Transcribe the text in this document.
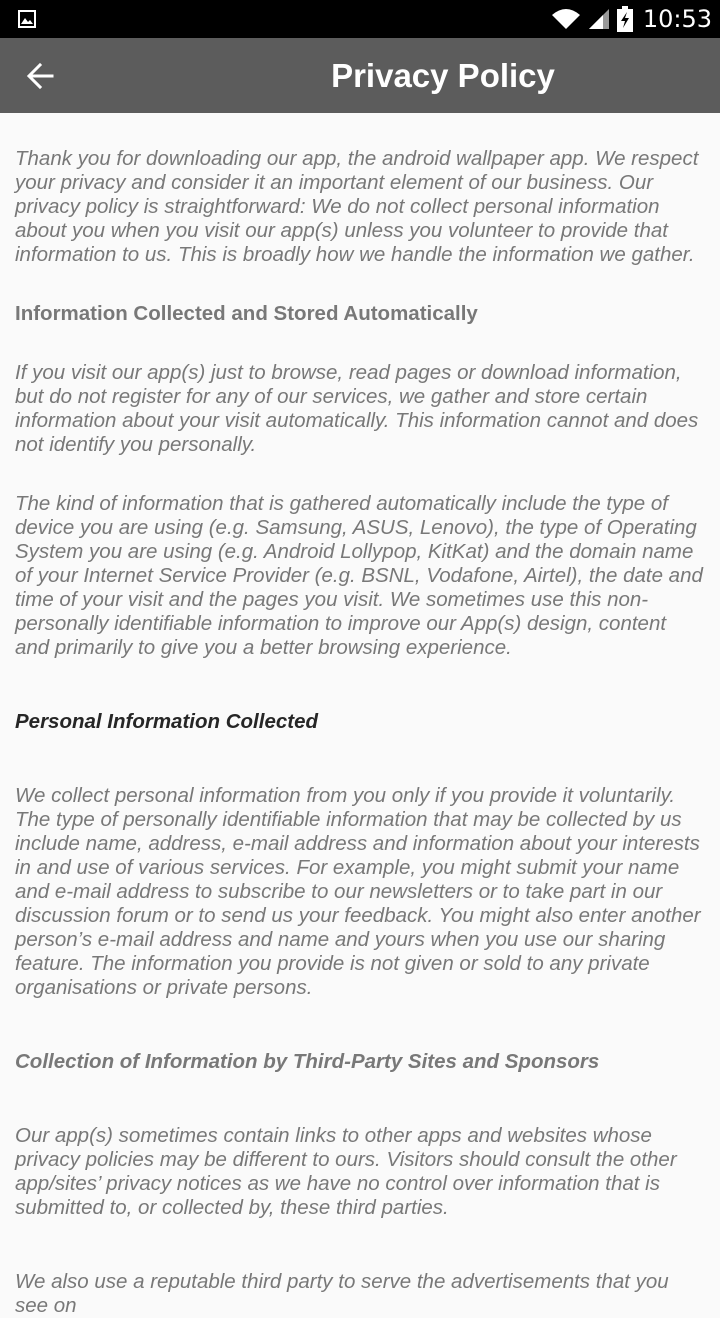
10:53
Privacy Policy

Thank you for downloading our app, the android wallpaper app. We respect your privacy and consider it an important element of our business. Our privacy policy is straightforward: We do not collect personal information about you when you visit our app(s) unless you volunteer to provide that information to us. This is broadly how we handle the information we gather.

Information Collected and Stored Automatically

If you visit our app(s) just to browse, read pages or download information, but do not register for any of our services, we gather and store certain information about your visit automatically. This information cannot and does not identify you personally.

The kind of information that is gathered automatically include the type of device you are using (e.g. Samsung, ASUS, Lenovo), the type of Operating System you are using (e.g. Android Lollypop, KitKat) and the domain name of your Internet Service Provider (e.g. BSNL, Vodafone, Airtel), the date and time of your visit and the pages you visit. We sometimes use this non-personally identifiable information to improve our App(s) design, content and primarily to give you a better browsing experience.

Personal Information Collected

We collect personal information from you only if you provide it voluntarily. The type of personally identifiable information that may be collected by us include name, address, e-mail address and information about your interests in and use of various services. For example, you might submit your name and e-mail address to subscribe to our newsletters or to take part in our discussion forum or to send us your feedback. You might also enter another person’s e-mail address and name and yours when you use our sharing feature. The information you provide is not given or sold to any private organisations or private persons.

Collection of Information by Third-Party Sites and Sponsors

Our app(s) sometimes contain links to other apps and websites whose privacy policies may be different to ours. Visitors should consult the other app/sites’ privacy notices as we have no control over information that is submitted to, or collected by, these third parties.

We also use a reputable third party to serve the advertisements that you see on
